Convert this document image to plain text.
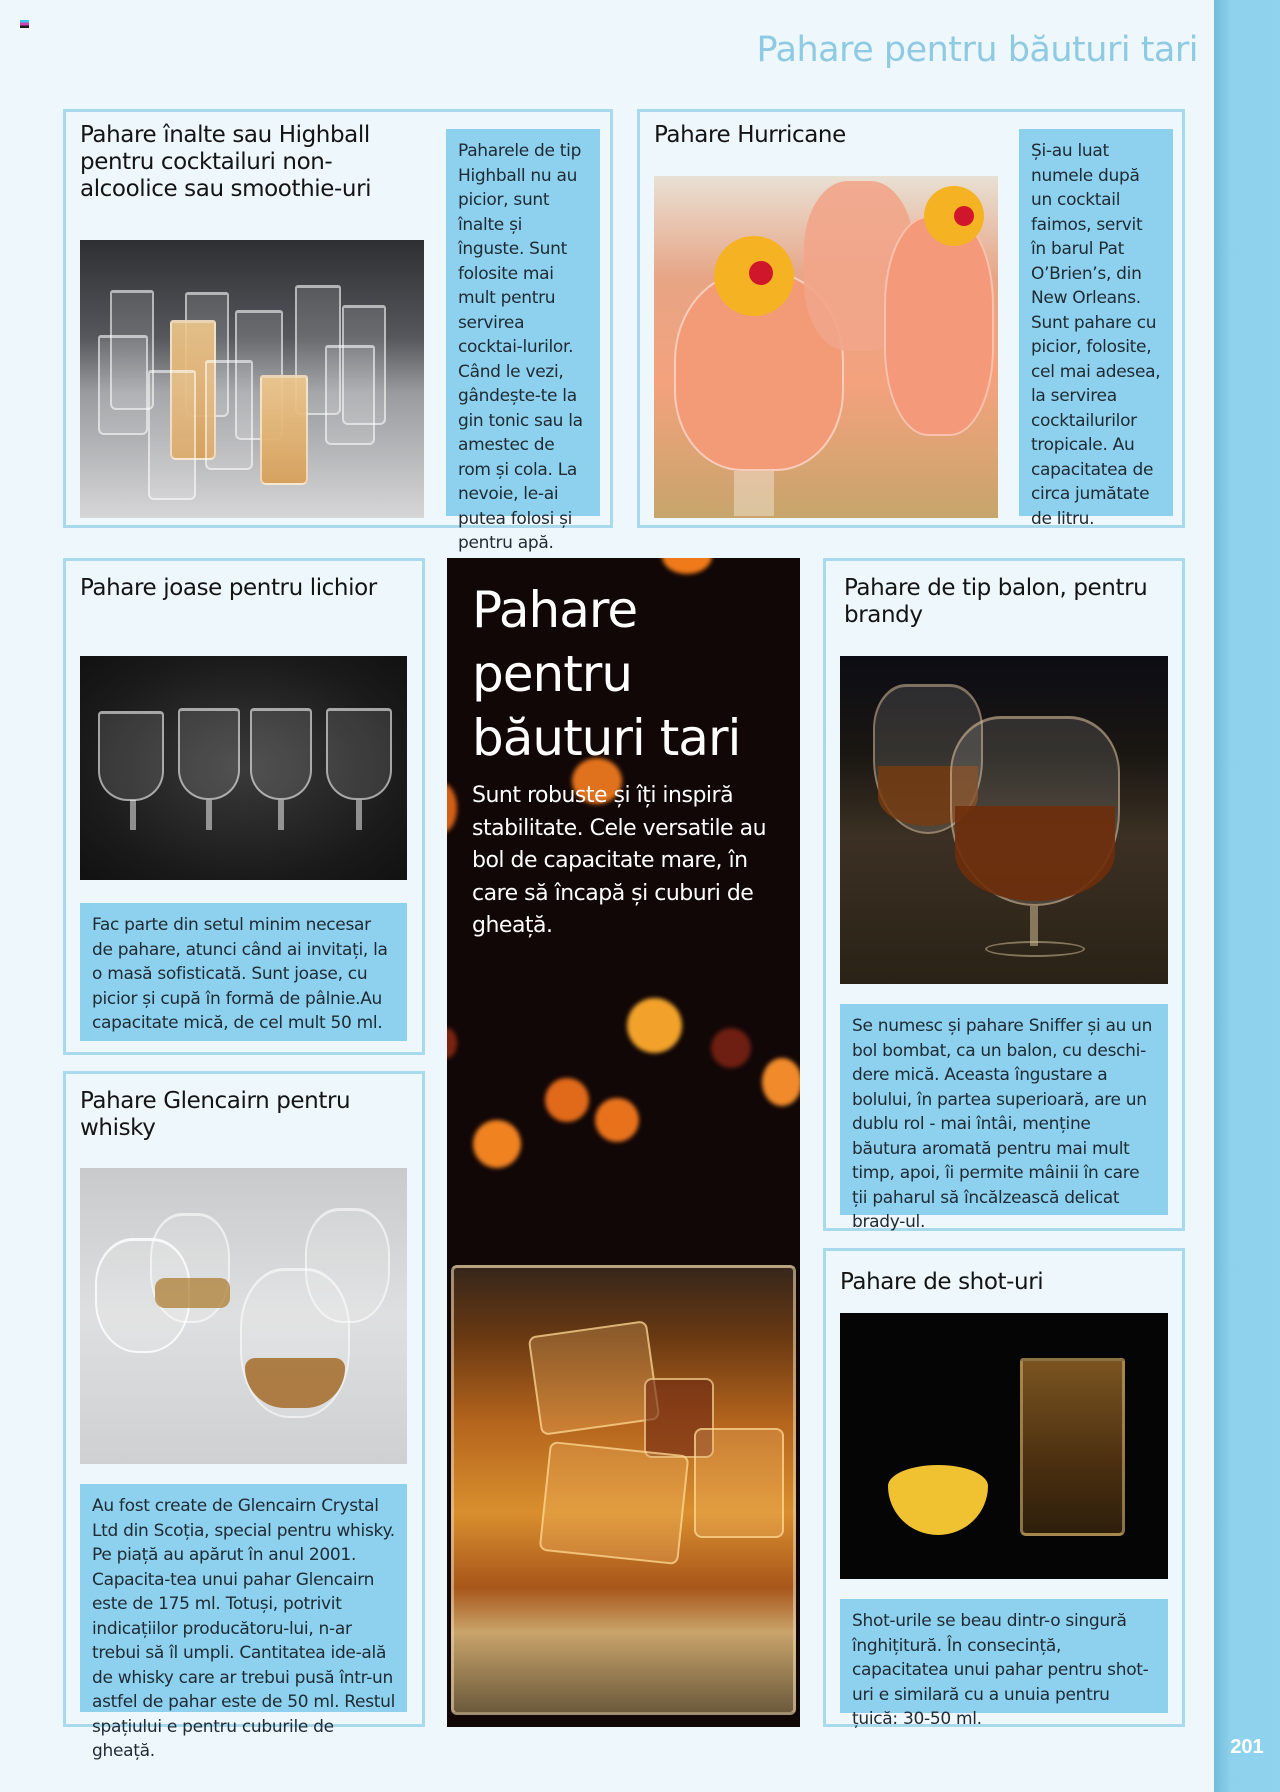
201
Pahare pentru băuturi tari
Pahare înalte sau Highball pentru cocktailuri non-alcoolice sau smoothie-uri
Paharele de tip Highball nu au picior, sunt înalte și înguste. Sunt folosite mai mult pentru servirea cocktai-lurilor. Când le vezi, gândește-te la gin tonic sau la amestec de rom și cola. La nevoie, le-ai putea folosi și pentru apă.
Pahare Hurricane
Și-au luat numele după un cocktail faimos, servit în barul Pat O’Brien’s, din New Orleans. Sunt pahare cu picior, folosite, cel mai adesea, la servirea cocktailurilor tropicale. Au capacitatea de circa jumătate de litru.
Pahare joase pentru lichior
Fac parte din setul minim necesar de pahare, atunci când ai invitați, la o masă sofisticată. Sunt joase, cu picior și cupă în formă de pâlnie.Au capacitate mică, de cel mult 50 ml.
Pahare Glencairn pentru whisky
Au fost create de Glencairn Crystal Ltd din Scoția, special pentru whisky. Pe piață au apărut în anul 2001. Capacita-tea unui pahar Glencairn este de 175 ml. Totuși, potrivit indicațiilor producătoru-lui, n-ar trebui să îl umpli. Cantitatea ide-ală de whisky care ar trebui pusă într-un astfel de pahar este de 50 ml. Restul spațiului e pentru cuburile de gheață.
Pahare pentru băuturi tari
Sunt robuste și îți inspiră stabilitate. Cele versatile au bol de capacitate mare, în care să încapă și cuburi de gheață.
Pahare de tip balon, pentru brandy
Se numesc și pahare Sniffer și au un bol bombat, ca un balon, cu deschi-dere mică. Aceasta îngustare a bolului, în partea superioară, are un dublu rol - mai întâi, menține băutura aromată pentru mai mult timp, apoi, îi permite mâinii în care ții paharul să încălzească delicat brady-ul.
Pahare de shot-uri
Shot-urile se beau dintr-o singură înghițitură. În consecință, capacitatea unui pahar pentru shot-uri e similară cu a unuia pentru țuică: 30-50 ml.
